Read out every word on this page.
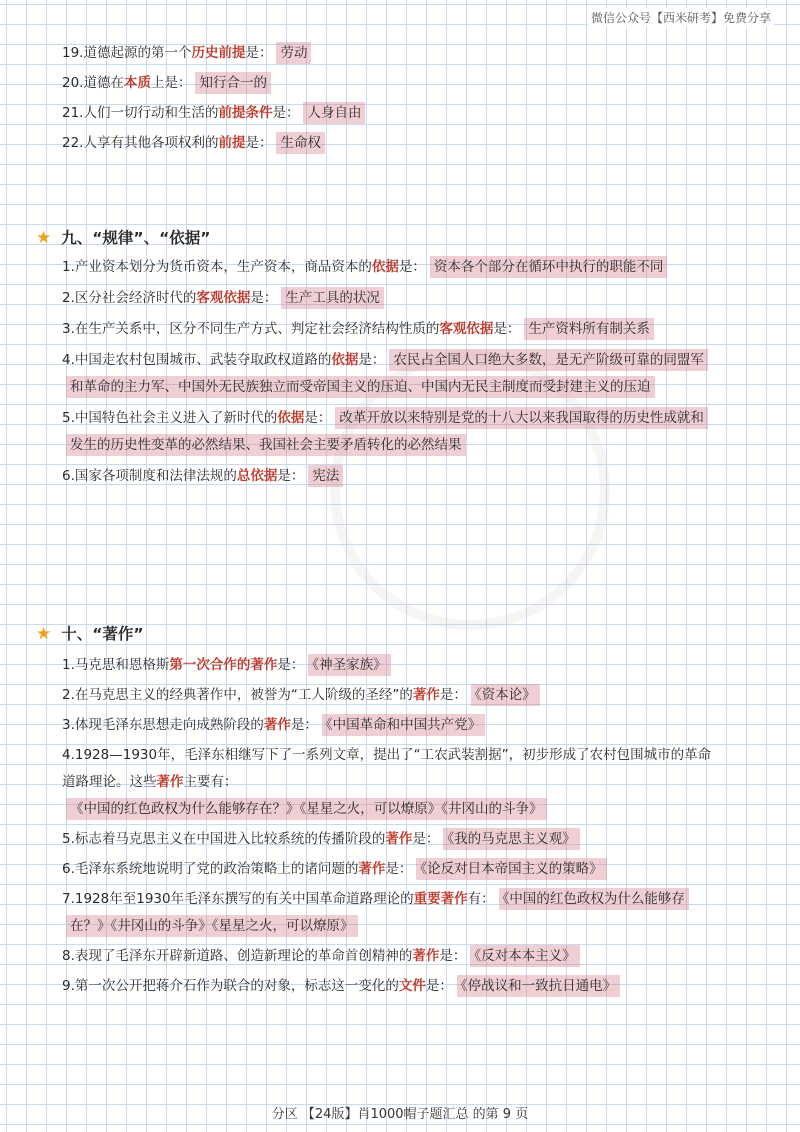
微信公众号【西米研考】免费分享
19.道德起源的第一个历史前提是： 劳动
20.道德在本质上是： 知行合一的
21.人们一切行动和生活的前提条件是： 人身自由
22.人享有其他各项权利的前提是： 生命权
★ 九、“规律”、“依据”
1.产业资本划分为货币资本，生产资本，商品资本的依据是： 资本各个部分在循环中执行的职能不同
2.区分社会经济时代的客观依据是： 生产工具的状况
3.在生产关系中，区分不同生产方式、判定社会经济结构性质的客观依据是： 生产资料所有制关系
4.中国走农村包围城市、武装夺取政权道路的依据是： 农民占全国人口绝大多数，是无产阶级可靠的同盟军和革命的主力军、中国外无民族独立而受帝国主义的压迫、中国内无民主制度而受封建主义的压迫
5.中国特色社会主义进入了新时代的依据是： 改革开放以来特别是党的十八大以来我国取得的历史性成就和发生的历史性变革的必然结果、我国社会主要矛盾转化的必然结果
6.国家各项制度和法律法规的总依据是： 宪法
★ 十、“著作”
1.马克思和恩格斯第一次合作的著作是： 《神圣家族》
2.在马克思主义的经典著作中，被誉为“工人阶级的圣经”的著作是： 《资本论》
3.体现毛泽东思想走向成熟阶段的著作是： 《中国革命和中国共产党》
4.1928—1930年，毛泽东相继写下了一系列文章，提出了“工农武装割据”，初步形成了农村包围城市的革命道路理论。这些著作主要有：《中国的红色政权为什么能够存在？》《星星之火，可以燎原》《井冈山的斗争》
5.标志着马克思主义在中国进入比较系统的传播阶段的著作是： 《我的马克思主义观》
6.毛泽东系统地说明了党的政治策略上的诸问题的著作是： 《论反对日本帝国主义的策略》
7.1928年至1930年毛泽东撰写的有关中国革命道路理论的重要著作有： 《中国的红色政权为什么能够存在？》《井冈山的斗争》《星星之火，可以燎原》
8.表现了毛泽东开辟新道路、创造新理论的革命首创精神的著作是： 《反对本本主义》
9.第一次公开把蒋介石作为联合的对象，标志这一变化的文件是： 《停战议和一致抗日通电》
分区 【24版】肖1000帽子题汇总 的第 9 页
